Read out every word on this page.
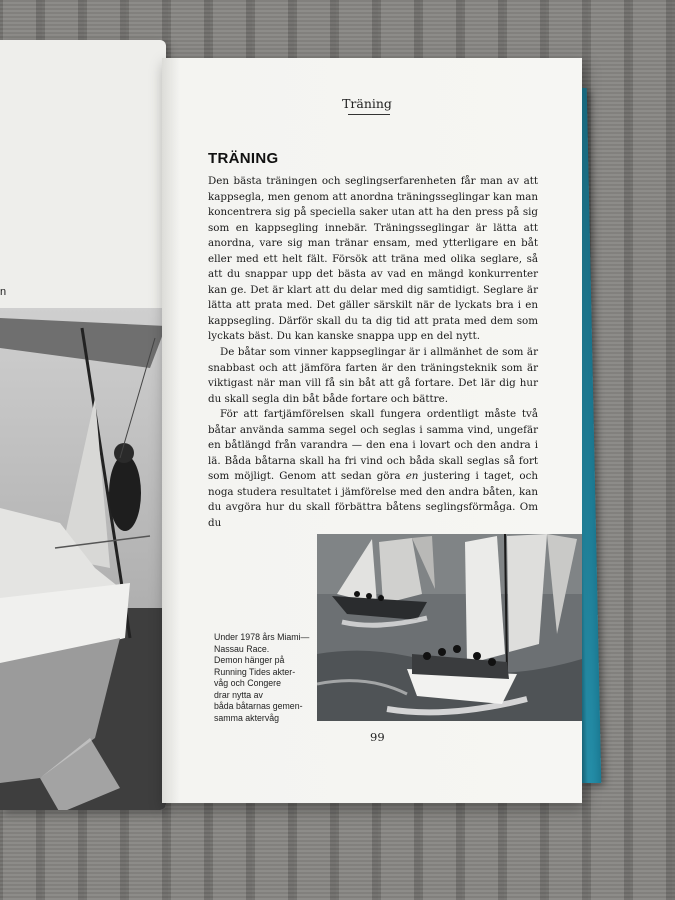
n
Träning
TRÄNING

Den bästa träningen och seglingserfarenheten får man av att kappsegla, men genom att anordna träningsseglingar kan man koncentrera sig på speciella saker utan att ha den press på sig som en kappsegling innebär. Träningsseglingar är lätta att anordna, vare sig man tränar ensam, med ytterligare en båt eller med ett helt fält. Försök att träna med olika seglare, så att du snappar upp det bästa av vad en mängd konkurrenter kan ge. Det är klart att du delar med dig samtidigt. Seglare är lätta att prata med. Det gäller särskilt när de lyckats bra i en kappsegling. Därför skall du ta dig tid att prata med dem som lyckats bäst. Du kan kanske snappa upp en del nytt.

De båtar som vinner kappseglingar är i allmänhet de som är snabbast och att jämföra farten är den träningsteknik som är viktigast när man vill få sin båt att gå fortare. Det lär dig hur du skall segla din båt både fortare och bättre.

För att fartjämförelsen skall fungera ordentligt måste två båtar använda samma segel och seglas i samma vind, ungefär en båtlängd från varandra — den ena i lovart och den andra i lä. Båda båtarna skall ha fri vind och båda skall seglas så fort som möjligt. Genom att sedan göra en justering i taget, och noga studera resultatet i jämförelse med den andra båten, kan du avgöra hur du skall förbättra båtens seglingsförmåga. Om du

Under 1978 års Miami—
Nassau Race.
Demon hänger på
Running Tides akter-
våg och Congere
drar nytta av
båda båtarnas gemen-
samma aktervåg
99
